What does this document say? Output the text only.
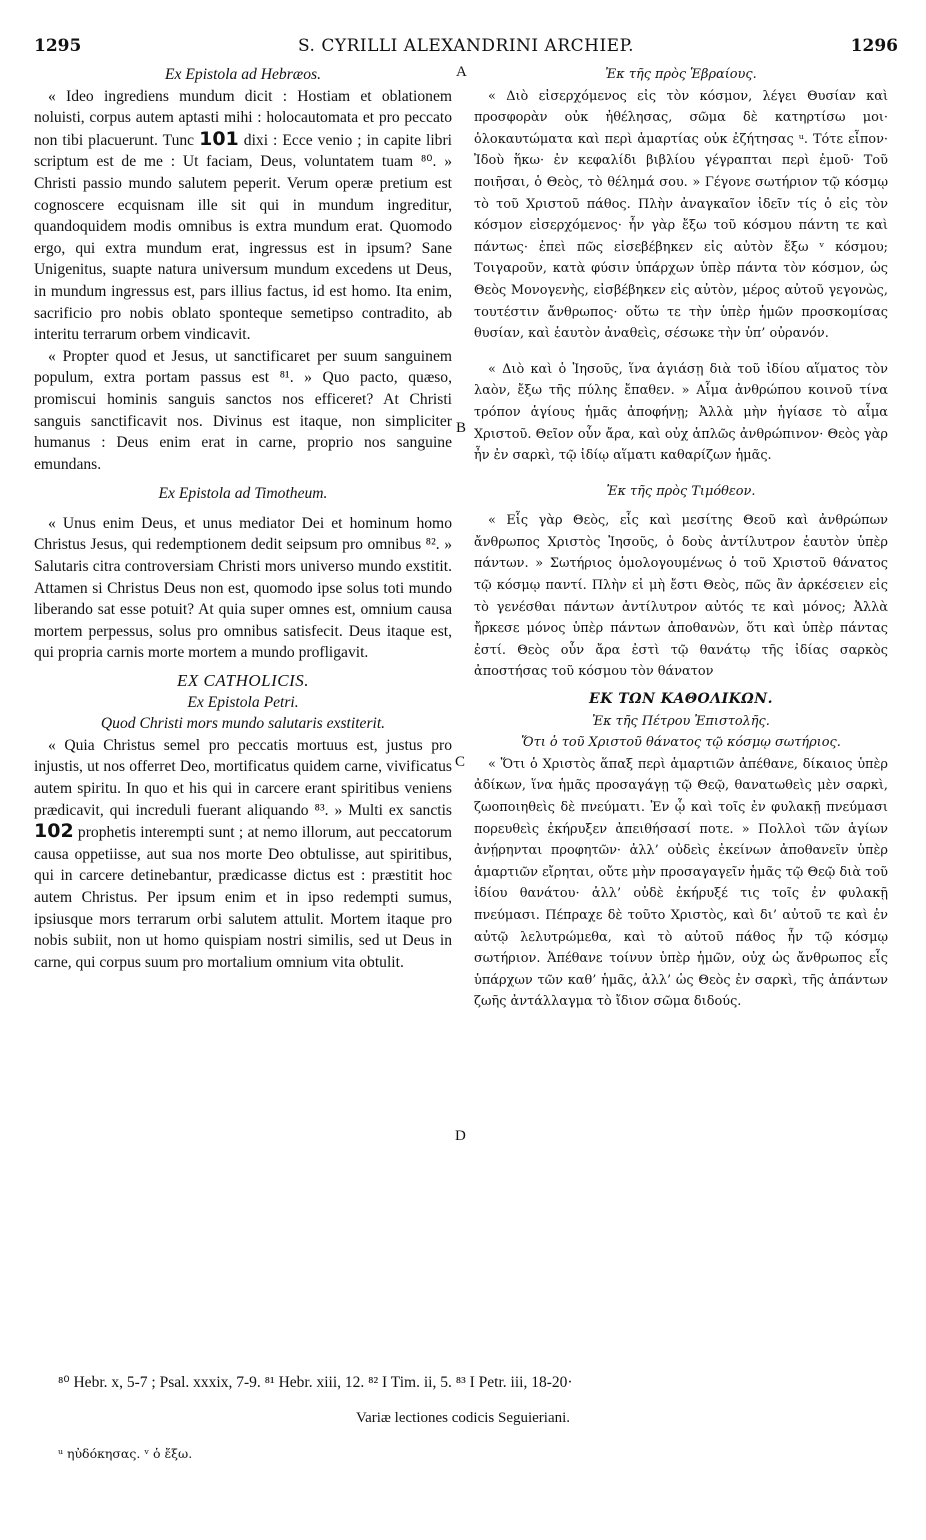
1295	S. CYRILLI ALEXANDRINI ARCHIEP.	1296
A
B
C
D
Ex Epistola ad Hebræos.

« Ideo ingrediens mundum dicit : Hostiam et oblationem noluisti, corpus autem aptasti mihi : holocautomata et pro peccato non tibi placuerunt. Tunc 101 dixi : Ecce venio ; in capite libri scriptum est de me : Ut faciam, Deus, voluntatem tuam ⁸⁰. » Christi passio mundo salutem peperit. Verum operæ pretium est cognoscere ecquisnam ille sit qui in mundum ingreditur, quandoquidem modis omnibus is extra mundum erat. Quomodo ergo, qui extra mundum erat, ingressus est in ipsum? Sane Unigenitus, suapte natura universum mundum excedens ut Deus, in mundum ingressus est, pars illius factus, id est homo. Ita enim, sacrificio pro nobis oblato sponteque semetipso contradito, ab interitu terrarum orbem vindicavit.

« Propter quod et Jesus, ut sanctificaret per suum sanguinem populum, extra portam passus est ⁸¹. » Quo pacto, quæso, promiscui hominis sanguis sanctos nos efficeret? At Christi sanguis sanctificavit nos. Divinus est itaque, non simpliciter humanus : Deus enim erat in carne, proprio nos sanguine emundans.

Ex Epistola ad Timotheum.

« Unus enim Deus, et unus mediator Dei et hominum homo Christus Jesus, qui redemptionem dedit seipsum pro omnibus ⁸². » Salutaris citra controversiam Christi mors universo mundo exstitit. Attamen si Christus Deus non est, quomodo ipse solus toti mundo liberando sat esse potuit? At quia super omnes est, omnium causa mortem perpessus, solus pro omnibus satisfecit. Deus itaque est, qui propria carnis morte mortem a mundo profligavit.

EX CATHOLICIS.
Ex Epistola Petri.
Quod Christi mors mundo salutaris exstiterit.

« Quia Christus semel pro peccatis mortuus est, justus pro injustis, ut nos offerret Deo, mortificatus quidem carne, vivificatus autem spiritu. In quo et his qui in carcere erant spiritibus veniens prædicavit, qui increduli fuerant aliquando ⁸³. » Multi ex sanctis 102 prophetis interempti sunt ; at nemo illorum, aut peccatorum causa oppetiisse, aut sua nos morte Deo obtulisse, aut spiritibus, qui in carcere detinebantur, prædicasse dictus est : præstitit hoc autem Christus. Per ipsum enim et in ipso redempti sumus, ipsiusque mors terrarum orbi salutem attulit. Mortem itaque pro nobis subiit, non ut homo quispiam nostri similis, sed ut Deus in carne, qui corpus suum pro mortalium omnium vita obtulit.

Ἐκ τῆς πρὸς Ἑβραίους.

« Διὸ εἰσερχόμενος εἰς τὸν κόσμον, λέγει Θυσίαν καὶ προσφορὰν οὐκ ἠθέλησας, σῶμα δὲ κατηρτίσω μοι· ὁλοκαυτώματα καὶ περὶ ἁμαρτίας οὐκ ἐζήτησας ᵘ. Τότε εἶπον· Ἰδοὺ ἥκω· ἐν κεφαλίδι βιβλίου γέγραπται περὶ ἐμοῦ· Τοῦ ποιῆσαι, ὁ Θεὸς, τὸ θέλημά σου. » Γέγονε σωτήριον τῷ κόσμῳ τὸ τοῦ Χριστοῦ πάθος. Πλὴν ἀναγκαῖον ἰδεῖν τίς ὁ εἰς τὸν κόσμον εἰσερχόμενος· ἦν γὰρ ἔξω τοῦ κόσμου πάντη τε καὶ πάντως· ἐπεὶ πῶς εἰσεβέβηκεν εἰς αὐτὸν ἔξω ᵛ κόσμου; Τοιγαροῦν, κατὰ φύσιν ὑπάρχων ὑπὲρ πάντα τὸν κόσμον, ὡς Θεὸς Μονογενὴς, εἰσβέβηκεν εἰς αὐτὸν, μέρος αὐτοῦ γεγονὼς, τουτέστιν ἄνθρωπος· οὕτω τε τὴν ὑπὲρ ἡμῶν προσκομίσας θυσίαν, καὶ ἑαυτὸν ἀναθεὶς, σέσωκε τὴν ὑπ’ οὐρανόν.

« Διὸ καὶ ὁ Ἰησοῦς, ἵνα ἁγιάσῃ διὰ τοῦ ἰδίου αἵματος τὸν λαὸν, ἔξω τῆς πύλης ἔπαθεν. » Αἷμα ἀνθρώπου κοινοῦ τίνα τρόπον ἁγίους ἡμᾶς ἀποφήνῃ; Ἀλλὰ μὴν ἡγίασε τὸ αἷμα Χριστοῦ. Θεῖον οὖν ἄρα, καὶ οὐχ ἁπλῶς ἀνθρώπινον· Θεὸς γὰρ ἦν ἐν σαρκὶ, τῷ ἰδίῳ αἵματι καθαρίζων ἡμᾶς.

Ἐκ τῆς πρὸς Τιμόθεον.

« Εἷς γὰρ Θεὸς, εἷς καὶ μεσίτης Θεοῦ καὶ ἀνθρώπων ἄνθρωπος Χριστὸς Ἰησοῦς, ὁ δοὺς ἀντίλυτρον ἑαυτὸν ὑπὲρ πάντων. » Σωτήριος ὁμολογουμένως ὁ τοῦ Χριστοῦ θάνατος τῷ κόσμῳ παντί. Πλὴν εἰ μὴ ἔστι Θεὸς, πῶς ἂν ἀρκέσειεν εἰς τὸ γενέσθαι πάντων ἀντίλυτρον αὐτός τε καὶ μόνος; Ἀλλὰ ἤρκεσε μόνος ὑπὲρ πάντων ἀποθανὼν, ὅτι καὶ ὑπὲρ πάντας ἐστί. Θεὸς οὖν ἄρα ἐστὶ τῷ θανάτῳ τῆς ἰδίας σαρκὸς ἀποστήσας τοῦ κόσμου τὸν θάνατον

ΕΚ ΤΩΝ ΚΑΘΟΛΙΚΩΝ.
Ἐκ τῆς Πέτρου Ἐπιστολῆς.
Ὅτι ὁ τοῦ Χριστοῦ θάνατος τῷ κόσμῳ σωτήριος.

« Ὅτι ὁ Χριστὸς ἅπαξ περὶ ἁμαρτιῶν ἀπέθανε, δίκαιος ὑπὲρ ἀδίκων, ἵνα ἡμᾶς προσαγάγῃ τῷ Θεῷ, θανατωθεὶς μὲν σαρκὶ, ζωοποιηθεὶς δὲ πνεύματι. Ἐν ᾧ καὶ τοῖς ἐν φυλακῇ πνεύμασι πορευθεὶς ἐκήρυξεν ἀπειθήσασί ποτε. » Πολλοὶ τῶν ἁγίων ἀνῄρηνται προφητῶν· ἀλλ’ οὐδεὶς ἐκείνων ἀποθανεῖν ὑπὲρ ἁμαρτιῶν εἴρηται, οὔτε μὴν προσαγαγεῖν ἡμᾶς τῷ Θεῷ διὰ τοῦ ἰδίου θανάτου· ἀλλ’ οὐδὲ ἐκήρυξέ τις τοῖς ἐν φυλακῇ πνεύμασι. Πέπραχε δὲ τοῦτο Χριστὸς, καὶ δι’ αὐτοῦ τε καὶ ἐν αὐτῷ λελυτρώμεθα, καὶ τὸ αὐτοῦ πάθος ἦν τῷ κόσμῳ σωτήριον. Ἀπέθανε τοίνυν ὑπὲρ ἡμῶν, οὐχ ὡς ἄνθρωπος εἷς ὑπάρχων τῶν καθ’ ἡμᾶς, ἀλλ’ ὡς Θεὸς ἐν σαρκὶ, τῆς ἁπάντων ζωῆς ἀντάλλαγμα τὸ ἴδιον σῶμα διδούς.

⁸⁰ Hebr. x, 5-7 ; Psal. xxxix, 7-9. ⁸¹ Hebr. xiii, 12. ⁸² I Tim. ii, 5. ⁸³ I Petr. iii, 18-20·
Variæ lectiones codicis Seguieriani.
ᵘ ηὐδόκησας. ᵛ ὁ ἔξω.
